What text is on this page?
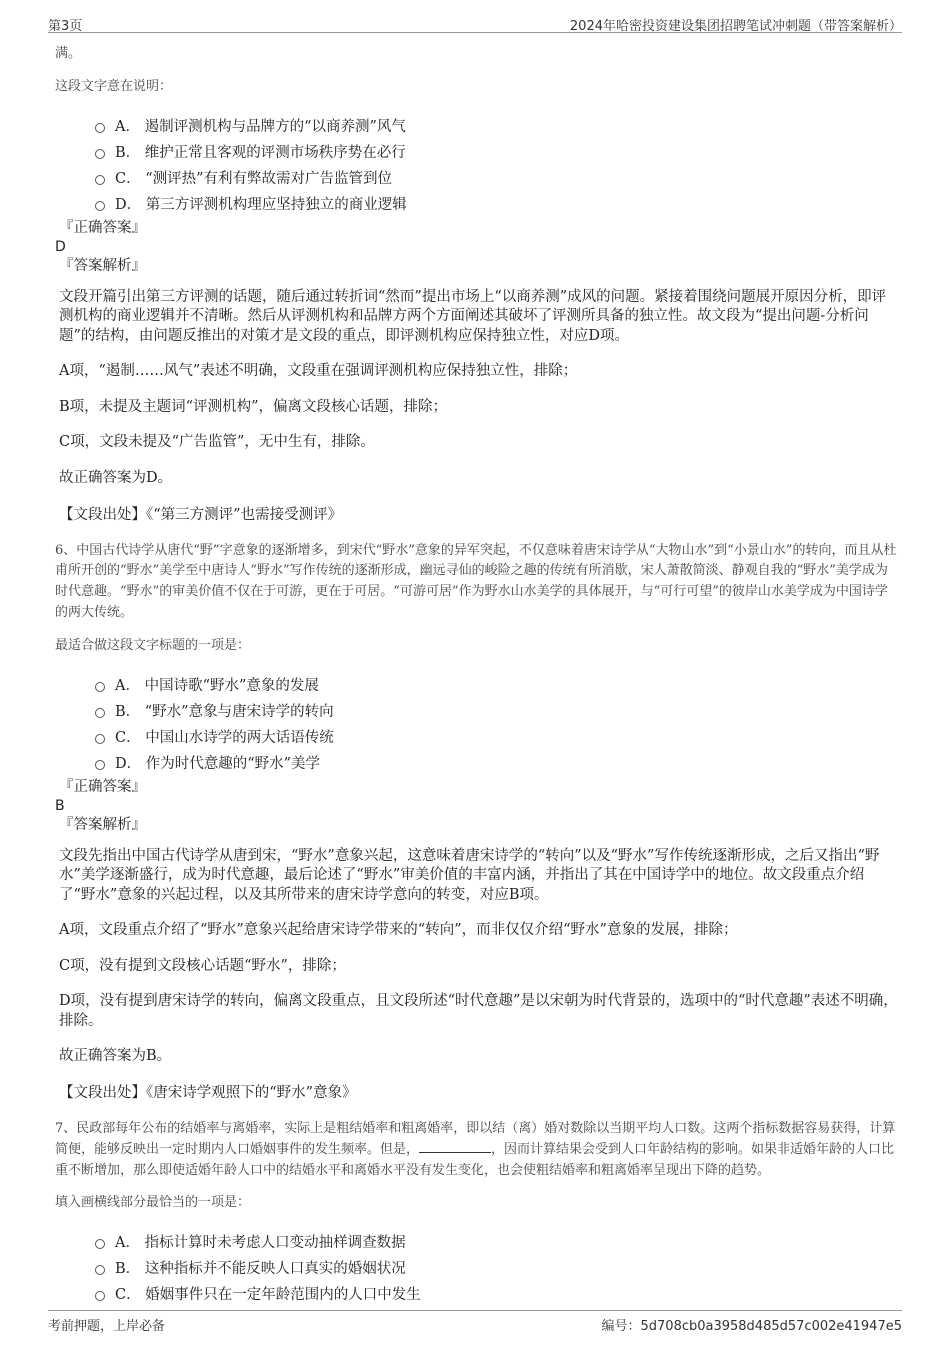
第3页	2024年哈密投资建设集团招聘笔试冲刺题（带答案解析）

满。

这段文字意在说明：

A． 遏制评测机构与品牌方的“以商养测”风气
B． 维护正常且客观的评测市场秩序势在必行
C． “测评热”有利有弊故需对广告监管到位
D． 第三方评测机构理应坚持独立的商业逻辑
『正确答案』
D
『答案解析』

文段开篇引出第三方评测的话题，随后通过转折词“然而”提出市场上“以商养测”成风的问题。紧接着围绕问题展开原因分析，即评测机构的商业逻辑并不清晰。然后从评测机构和品牌方两个方面阐述其破坏了评测所具备的独立性。故文段为“提出问题-分析问题”的结构，由问题反推出的对策才是文段的重点，即评测机构应保持独立性，对应D项。

A项，“遏制……风气”表述不明确，文段重在强调评测机构应保持独立性，排除；

B项，未提及主题词“评测机构”，偏离文段核心话题，排除；

C项，文段未提及“广告监管”，无中生有，排除。

故正确答案为D。

【文段出处】《“第三方测评”也需接受测评》

6、中国古代诗学从唐代“野”字意象的逐渐增多，到宋代“野水”意象的异军突起，不仅意味着唐宋诗学从“大物山水”到“小景山水”的转向，而且从杜甫所开创的“野水”美学至中唐诗人“野水”写作传统的逐渐形成，幽远寻仙的峻险之趣的传统有所消歇，宋人萧散简淡、静观自我的“野水”美学成为时代意趣。“野水”的审美价值不仅在于可游，更在于可居。“可游可居”作为野水山水美学的具体展开，与“可行可望”的彼岸山水美学成为中国诗学的两大传统。

最适合做这段文字标题的一项是：

A． 中国诗歌“野水”意象的发展
B． “野水”意象与唐宋诗学的转向
C． 中国山水诗学的两大话语传统
D． 作为时代意趣的“野水”美学
『正确答案』
B
『答案解析』

文段先指出中国古代诗学从唐到宋，“野水”意象兴起，这意味着唐宋诗学的“转向”以及“野水”写作传统逐渐形成，之后又指出“野水”美学逐渐盛行，成为时代意趣，最后论述了“野水”审美价值的丰富内涵，并指出了其在中国诗学中的地位。故文段重点介绍了“野水”意象的兴起过程，以及其所带来的唐宋诗学意向的转变，对应B项。

A项，文段重点介绍了“野水”意象兴起给唐宋诗学带来的“转向”，而非仅仅介绍“野水”意象的发展，排除；

C项，没有提到文段核心话题“野水”，排除；

D项，没有提到唐宋诗学的转向，偏离文段重点，且文段所述“时代意趣”是以宋朝为时代背景的，选项中的“时代意趣”表述不明确，排除。

故正确答案为B。

【文段出处】《唐宋诗学观照下的“野水”意象》

7、民政部每年公布的结婚率与离婚率，实际上是粗结婚率和粗离婚率，即以结（离）婚对数除以当期平均人口数。这两个指标数据容易获得，计算简便，能够反映出一定时期内人口婚姻事件的发生频率。但是，	，因而计算结果会受到人口年龄结构的影响。如果非适婚年龄的人口比重不断增加，那么即使适婚年龄人口中的结婚水平和离婚水平没有发生变化，也会使粗结婚率和粗离婚率呈现出下降的趋势。

填入画横线部分最恰当的一项是：

A． 指标计算时未考虑人口变动抽样调查数据
B． 这种指标并不能反映人口真实的婚姻状况
C． 婚姻事件只在一定年龄范围内的人口中发生
考前押题，上岸必备	编号：5d708cb0a3958d485d57c002e41947e5
